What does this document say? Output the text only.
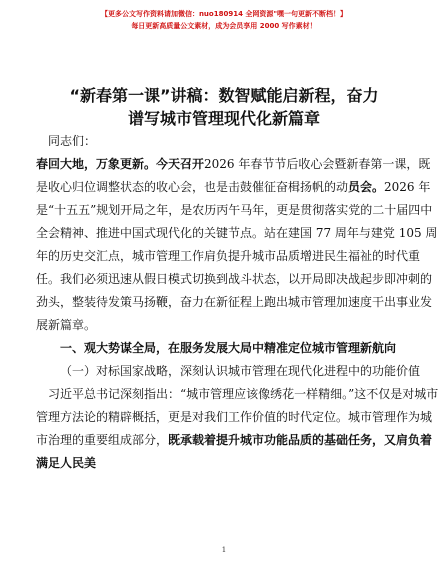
【更多公文写作资料请加微信：nuo180914 全网资源"嘿一句更新不断档！】
每日更新高质量公文素材，成为会员享用 2000 写作素材！
“新春第一课”讲稿：数智赋能启新程，奋力
谱写城市管理现代化新篇章

同志们：

春回大地，万象更新。今天召开2026 年春节节后收心会暨新春第一课，既是收心归位调整状态的收心会，也是击鼓催征奋楫扬帆的动员会。2026 年是“十五五”规划开局之年，是农历丙午马年，更是贯彻落实党的二十届四中全会精神、推进中国式现代化的关键节点。站在建国 77 周年与建党 105 周年的历史交汇点，城市管理工作肩负提升城市品质增进民生福祉的时代重任。我们必须迅速从假日模式切换到战斗状态，以开局即决战起步即冲刺的劲头，整装待发策马扬鞭，奋力在新征程上跑出城市管理加速度干出事业发展新篇章。

一、观大势谋全局，在服务发展大局中精准定位城市管理新航向

（一）对标国家战略，深刻认识城市管理在现代化进程中的功能价值

习近平总书记深刻指出：“城市管理应该像绣花一样精细。”这不仅是对城市管理方法论的精辟概括，更是对我们工作价值的时代定位。城市管理作为城市治理的重要组成部分，既承载着提升城市功能品质的基础任务，又肩负着满足人民美

1
